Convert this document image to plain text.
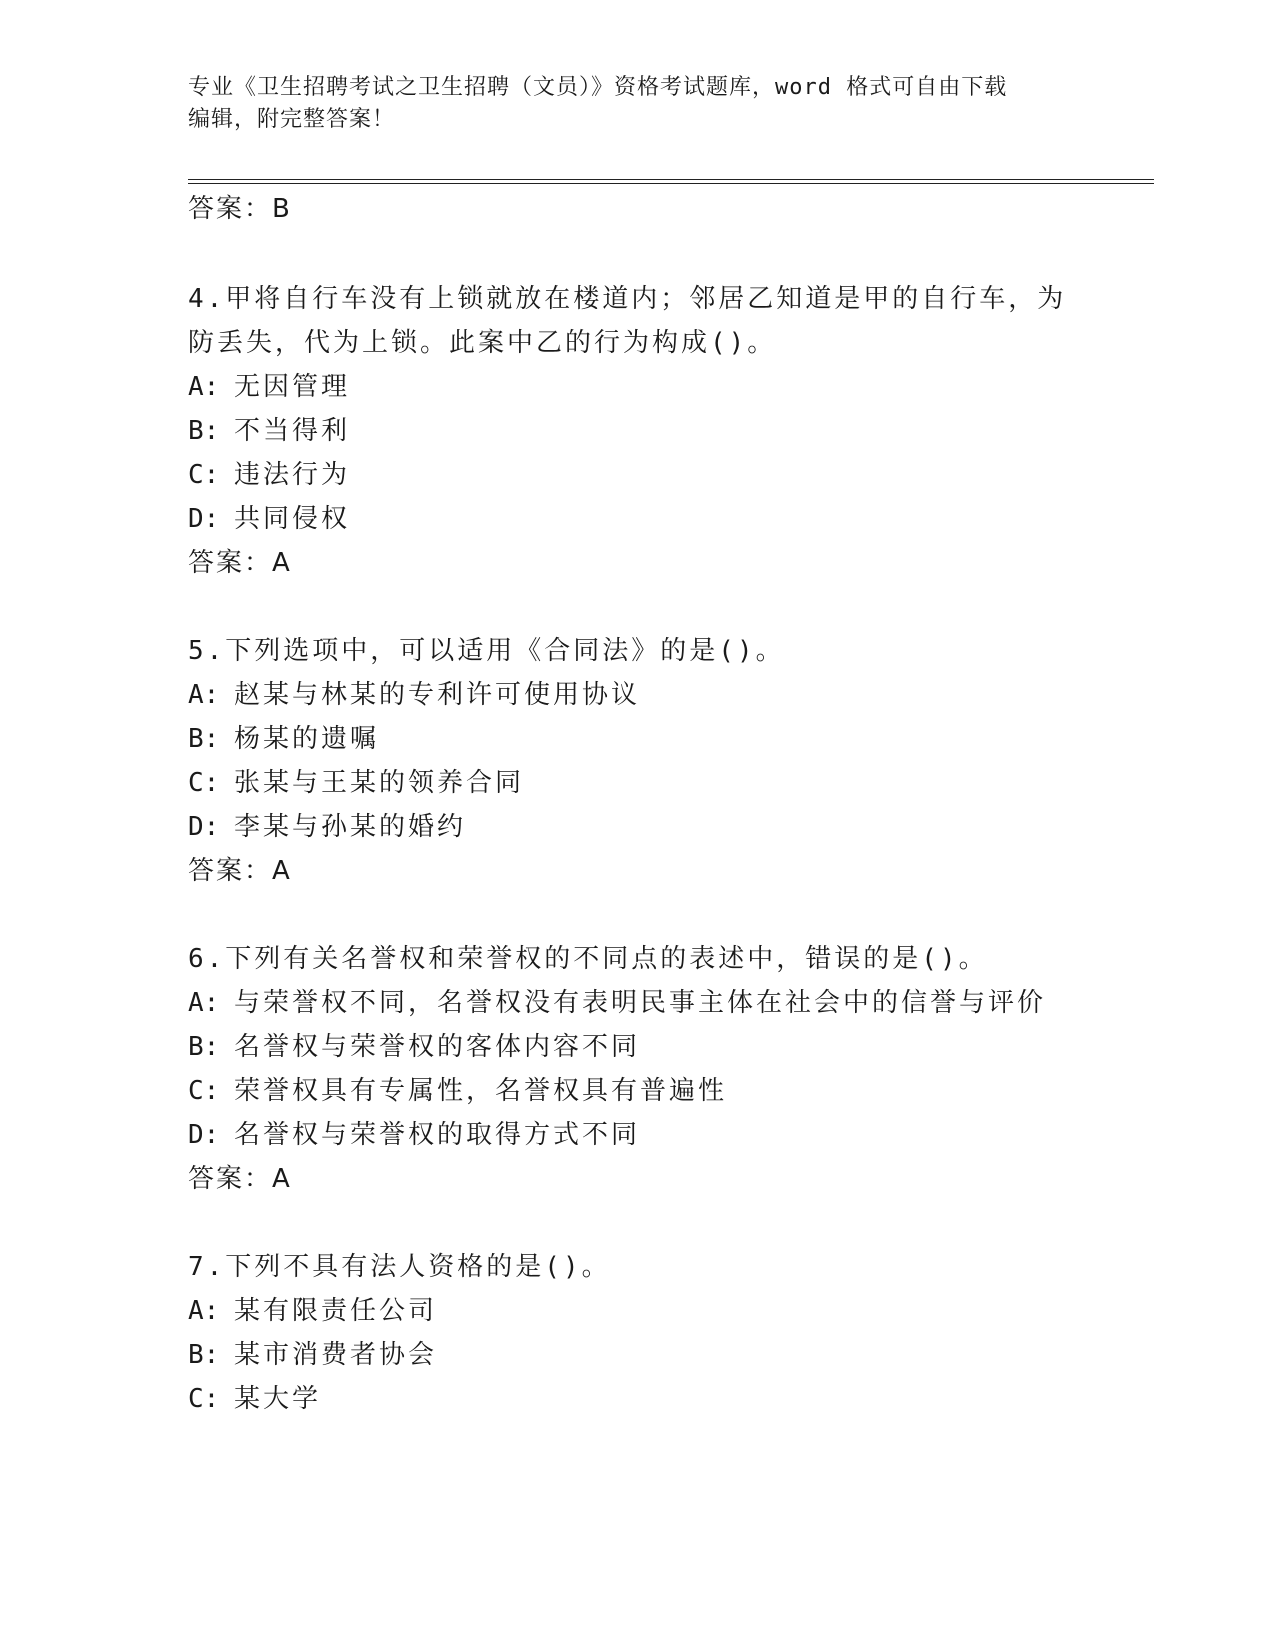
专业《卫生招聘考试之卫生招聘（文员）》资格考试题库，word 格式可自由下载
编辑，附完整答案！
答案：B
4.甲将自行车没有上锁就放在楼道内；邻居乙知道是甲的自行车，为
防丢失，代为上锁。此案中乙的行为构成()。
A: 无因管理
B: 不当得利
C: 违法行为
D: 共同侵权
答案：A
5.下列选项中，可以适用《合同法》的是()。
A: 赵某与林某的专利许可使用协议
B: 杨某的遗嘱
C: 张某与王某的领养合同
D: 李某与孙某的婚约
答案：A
6.下列有关名誉权和荣誉权的不同点的表述中，错误的是()。
A: 与荣誉权不同，名誉权没有表明民事主体在社会中的信誉与评价
B: 名誉权与荣誉权的客体内容不同
C: 荣誉权具有专属性，名誉权具有普遍性
D: 名誉权与荣誉权的取得方式不同
答案：A
7.下列不具有法人资格的是()。
A: 某有限责任公司
B: 某市消费者协会
C: 某大学
